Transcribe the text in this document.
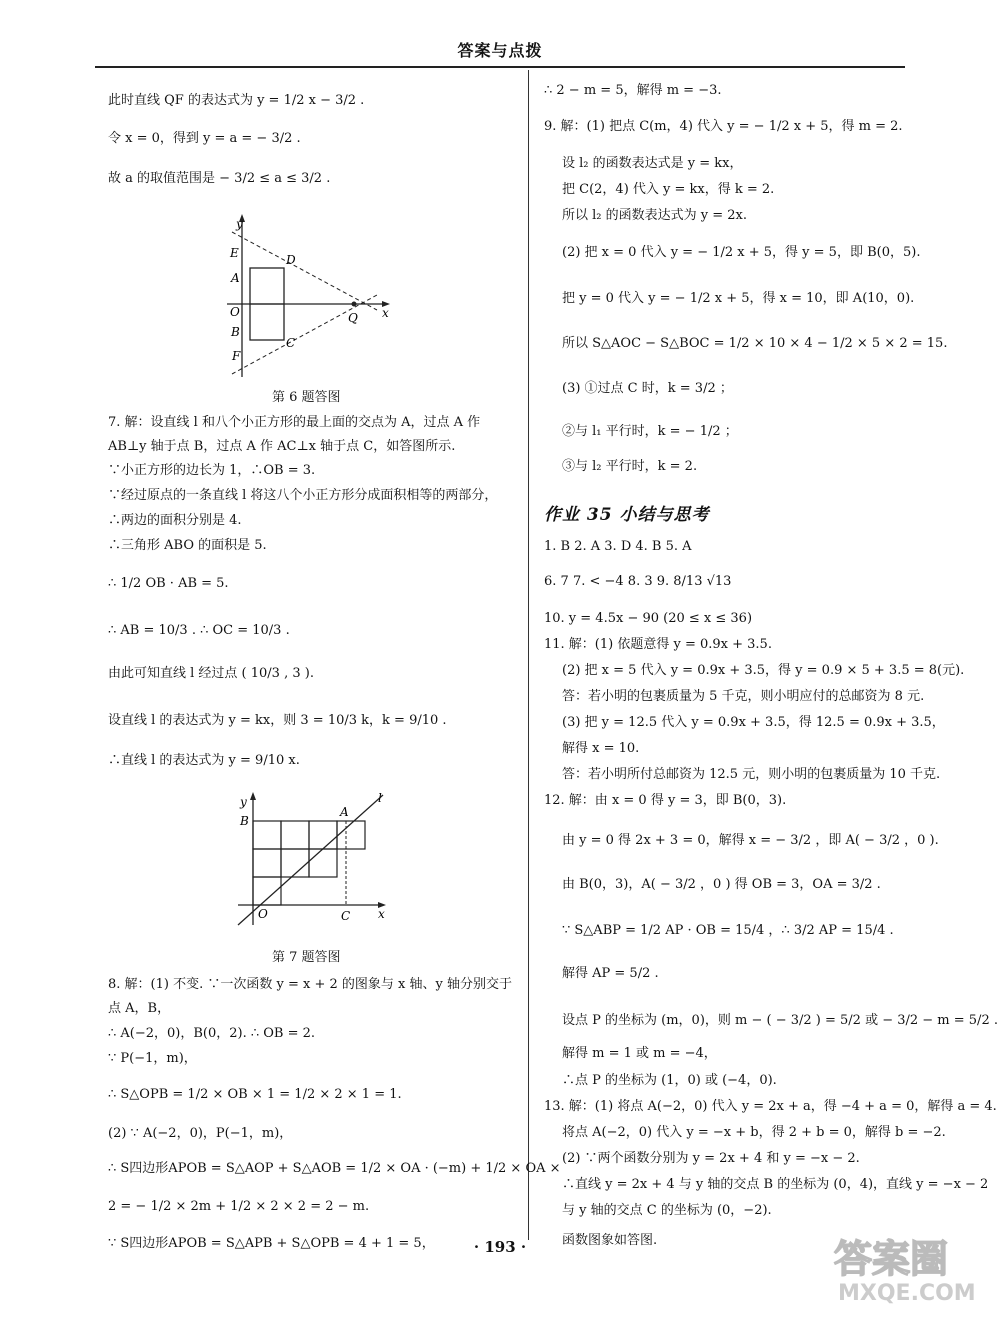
答案与点拨
此时直线 QF 的表达式为 y = 1/2 x − 3/2 .
令 x = 0，得到 y = a = − 3/2 .
故 a 的取值范围是 − 3/2 ≤ a ≤ 3/2 .
y
x
E
A
D
O
B
Q
F
C
第 6 题答图
7. 解：设直线 l 和八个小正方形的最上面的交点为 A，过点 A 作
AB⊥y 轴于点 B，过点 A 作 AC⊥x 轴于点 C，如答图所示.
∵小正方形的边长为 1，∴OB = 3.
∵经过原点的一条直线 l 将这八个小正方形分成面积相等的两部分，
∴两边的面积分别是 4.
∴三角形 ABO 的面积是 5.
∴ 1/2 OB · AB = 5.
∴ AB = 10/3 . ∴ OC = 10/3 .
由此可知直线 l 经过点 ( 10/3 , 3 ).
设直线 l 的表达式为 y = kx，则 3 = 10/3 k，k = 9/10 .
∴直线 l 的表达式为 y = 9/10 x.
y
x
l
A
B
O	C
第 7 题答图
8. 解：(1) 不变. ∵一次函数 y = x + 2 的图象与 x 轴、y 轴分别交于
点 A，B，
∴ A(−2，0)，B(0，2). ∴ OB = 2.
∵ P(−1，m)，
∴ S△OPB = 1/2 × OB × 1 = 1/2 × 2 × 1 = 1.
(2) ∵ A(−2，0)，P(−1，m)，
∴ S四边形APOB = S△AOP + S△AOB = 1/2 × OA · (−m) + 1/2 × OA ×
2 = − 1/2 × 2m + 1/2 × 2 × 2 = 2 − m.
∵ S四边形APOB = S△APB + S△OPB = 4 + 1 = 5，
∴ 2 − m = 5，解得 m = −3.
9. 解：(1) 把点 C(m，4) 代入 y = − 1/2 x + 5，得 m = 2.
设 l₂ 的函数表达式是 y = kx，
把 C(2，4) 代入 y = kx，得 k = 2.
所以 l₂ 的函数表达式为 y = 2x.
(2) 把 x = 0 代入 y = − 1/2 x + 5，得 y = 5，即 B(0，5).
把 y = 0 代入 y = − 1/2 x + 5，得 x = 10，即 A(10，0).
所以 S△AOC − S△BOC = 1/2 × 10 × 4 − 1/2 × 5 × 2 = 15.
(3) ①过点 C 时，k = 3/2 ；
②与 l₁ 平行时，k = − 1/2 ；
③与 l₂ 平行时，k = 2.
作业 35 小结与思考
1. B 2. A 3. D 4. B 5. A
6. 7 7. < −4 8. 3 9. 8/13 √13
10. y = 4.5x − 90 (20 ≤ x ≤ 36)
11. 解：(1) 依题意得 y = 0.9x + 3.5.
(2) 把 x = 5 代入 y = 0.9x + 3.5，得 y = 0.9 × 5 + 3.5 = 8(元).
答：若小明的包裹质量为 5 千克，则小明应付的总邮资为 8 元.
(3) 把 y = 12.5 代入 y = 0.9x + 3.5，得 12.5 = 0.9x + 3.5，
解得 x = 10.
答：若小明所付总邮资为 12.5 元，则小明的包裹质量为 10 千克.
12. 解：由 x = 0 得 y = 3，即 B(0，3).
由 y = 0 得 2x + 3 = 0，解得 x = − 3/2 ，即 A( − 3/2 ，0 ).
由 B(0，3)，A( − 3/2 ，0 ) 得 OB = 3，OA = 3/2 .
∵ S△ABP = 1/2 AP · OB = 15/4 ，∴ 3/2 AP = 15/4 .
解得 AP = 5/2 .
设点 P 的坐标为 (m，0)，则 m − ( − 3/2 ) = 5/2 或 − 3/2 − m = 5/2 .
解得 m = 1 或 m = −4，
∴点 P 的坐标为 (1，0) 或 (−4，0).
13. 解：(1) 将点 A(−2，0) 代入 y = 2x + a，得 −4 + a = 0，解得 a = 4.
将点 A(−2，0) 代入 y = −x + b，得 2 + b = 0，解得 b = −2.
(2) ∵两个函数分别为 y = 2x + 4 和 y = −x − 2.
∴直线 y = 2x + 4 与 y 轴的交点 B 的坐标为 (0，4)，直线 y = −x − 2
与 y 轴的交点 C 的坐标为 (0，−2).
函数图象如答图.
· 193 ·	答案圈
MXQE.COM
